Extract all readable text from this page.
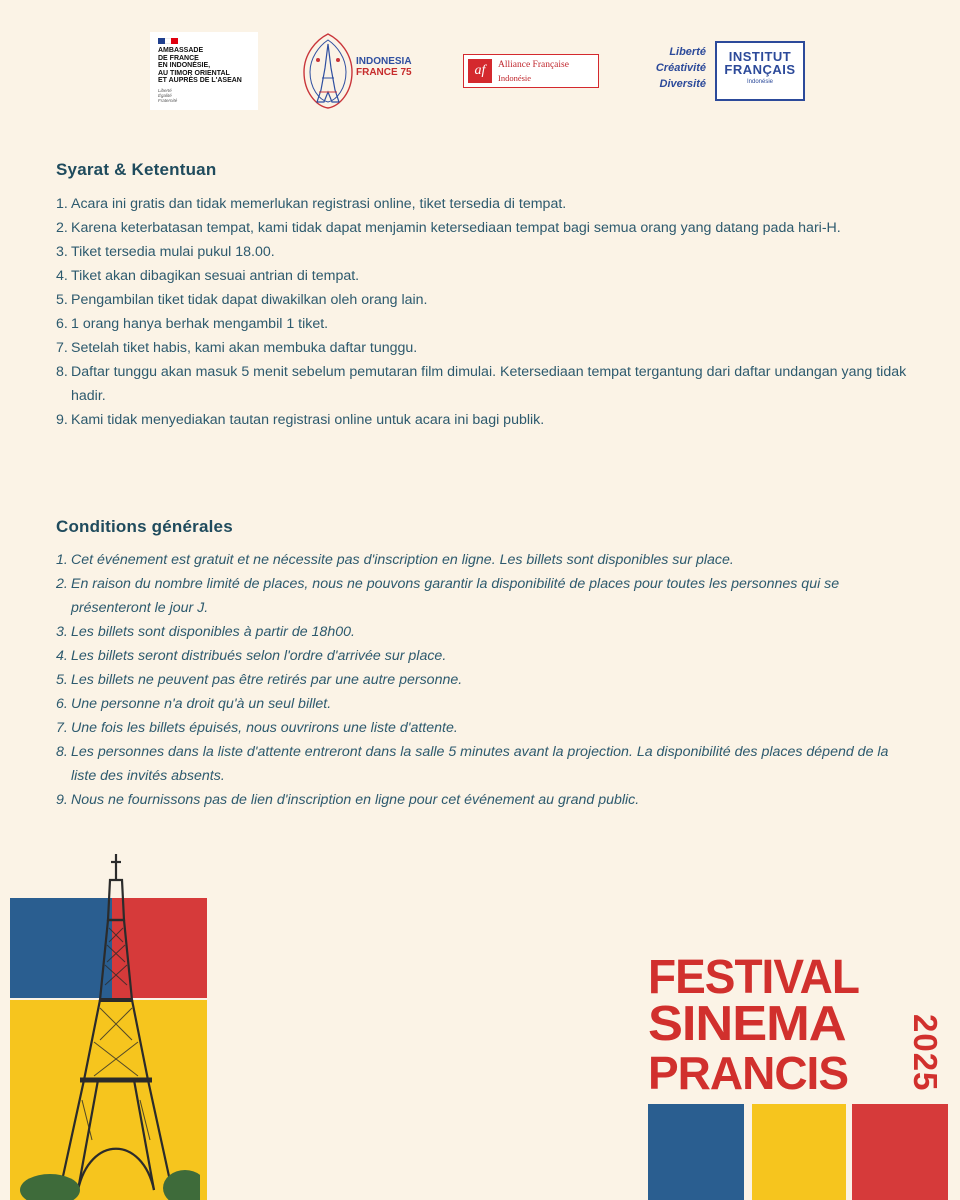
AMBASSADE
DE FRANCE
EN INDONÉSIE,
AU TIMOR ORIENTAL
ET AUPRÈS DE L'ASEAN
Liberté
Égalité
Fraternité
INDONESIA
FRANCE 75	af	Alliance Française
Indonésie
Liberté
Créativité
Diversité
INSTITUT
FRANÇAIS
Indonésie
Syarat & Ketentuan
1. Acara ini gratis dan tidak memerlukan registrasi online, tiket tersedia di tempat.
2. Karena keterbatasan tempat, kami tidak dapat menjamin ketersediaan tempat bagi semua orang yang datang pada hari-H.
3. Tiket tersedia mulai pukul 18.00.
4. Tiket akan dibagikan sesuai antrian di tempat.
5. Pengambilan tiket tidak dapat diwakilkan oleh orang lain.
6. 1 orang hanya berhak mengambil 1 tiket.
7. Setelah tiket habis, kami akan membuka daftar tunggu.
8. Daftar tunggu akan masuk 5 menit sebelum pemutaran film dimulai. Ketersediaan tempat tergantung dari daftar undangan yang tidak hadir.
9. Kami tidak menyediakan tautan registrasi online untuk acara ini bagi publik.
Conditions générales
1. Cet événement est gratuit et ne nécessite pas d'inscription en ligne. Les billets sont disponibles sur place.
2. En raison du nombre limité de places, nous ne pouvons garantir la disponibilité de places pour toutes les personnes qui se présenteront le jour J.
3. Les billets sont disponibles à partir de 18h00.
4. Les billets seront distribués selon l'ordre d'arrivée sur place.
5. Les billets ne peuvent pas être retirés par une autre personne.
6. Une personne n'a droit qu'à un seul billet.
7. Une fois les billets épuisés, nous ouvrirons une liste d'attente.
8. Les personnes dans la liste d'attente entreront dans la salle 5 minutes avant la projection. La disponibilité des places dépend de la liste des invités absents.
9. Nous ne fournissons pas de lien d'inscription en ligne pour cet événement au grand public.
FESTIVAL
SINEMA
PRANCIS 2025
